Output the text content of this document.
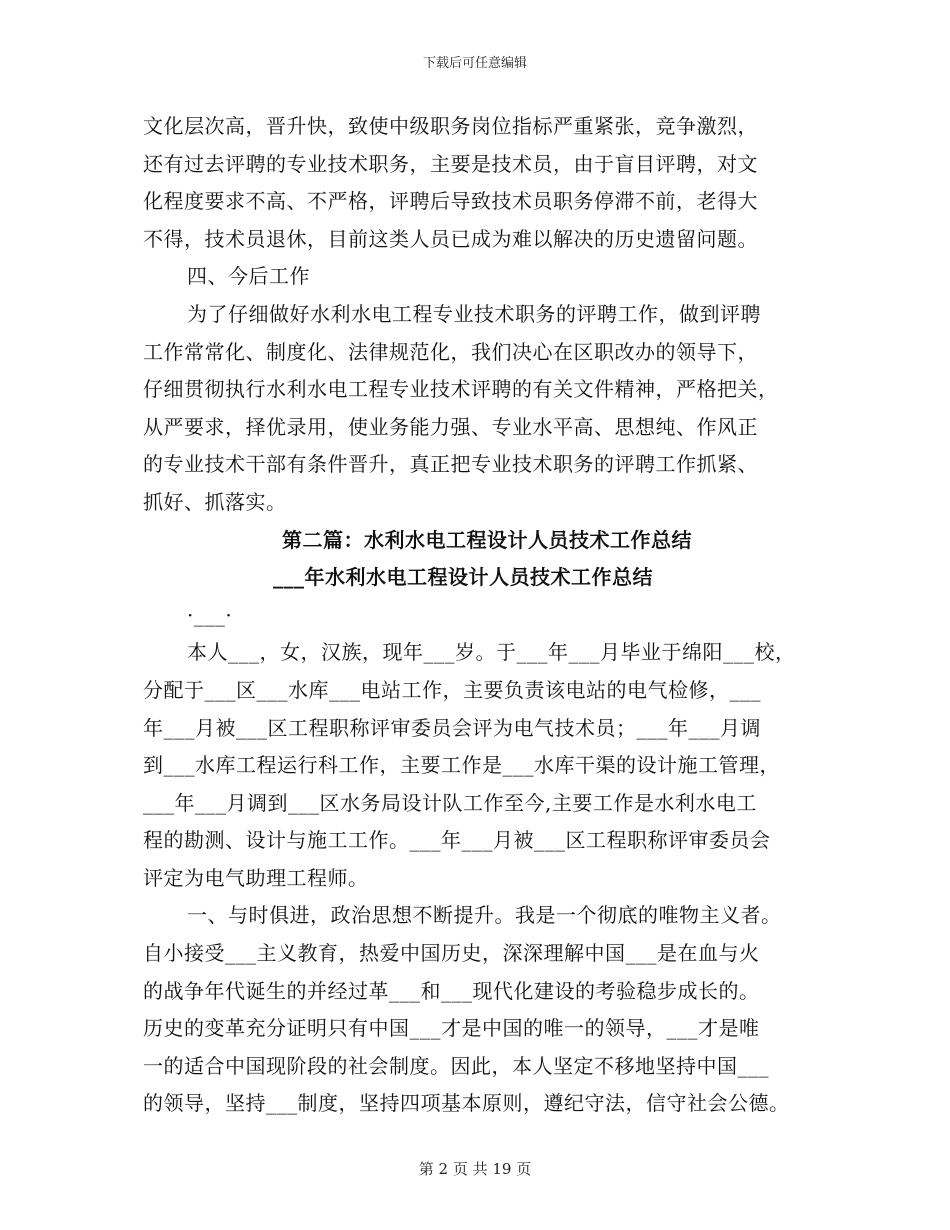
下载后可任意编辑
文化层次高，晋升快，致使中级职务岗位指标严重紧张，竞争激烈，
还有过去评聘的专业技术职务，主要是技术员，由于盲目评聘，对文
化程度要求不高、不严格，评聘后导致技术员职务停滞不前，老得大
不得，技术员退休，目前这类人员已成为难以解决的历史遗留问题。
四、今后工作
为了仔细做好水利水电工程专业技术职务的评聘工作，做到评聘
工作常常化、制度化、法律规范化，我们决心在区职改办的领导下，
仔细贯彻执行水利水电工程专业技术评聘的有关文件精神，严格把关，
从严要求，择优录用，使业务能力强、专业水平高、思想纯、作风正
的专业技术干部有条件晋升，真正把专业技术职务的评聘工作抓紧、
抓好、抓落实。
第二篇：水利水电工程设计人员技术工作总结
___年水利水电工程设计人员技术工作总结
·___·
本人___，女，汉族，现年___岁。于___年___月毕业于绵阳___校，
分配于___区___水库___电站工作，主要负责该电站的电气检修，___
年___月被___区工程职称评审委员会评为电气技术员；___年___月调
到___水库工程运行科工作，主要工作是___水库干渠的设计施工管理，
___年___月调到___区水务局设计队工作至今,主要工作是水利水电工
程的勘测、设计与施工工作。___年___月被___区工程职称评审委员会
评定为电气助理工程师。
一、与时俱进，政治思想不断提升。我是一个彻底的唯物主义者。
自小接受___主义教育，热爱中国历史，深深理解中国___是在血与火
的战争年代诞生的并经过革___和___现代化建设的考验稳步成长的。
历史的变革充分证明只有中国___才是中国的唯一的领导，___才是唯
一的适合中国现阶段的社会制度。因此，本人坚定不移地坚持中国___
的领导，坚持___制度，坚持四项基本原则，遵纪守法，信守社会公德。
第 2 页 共 19 页
